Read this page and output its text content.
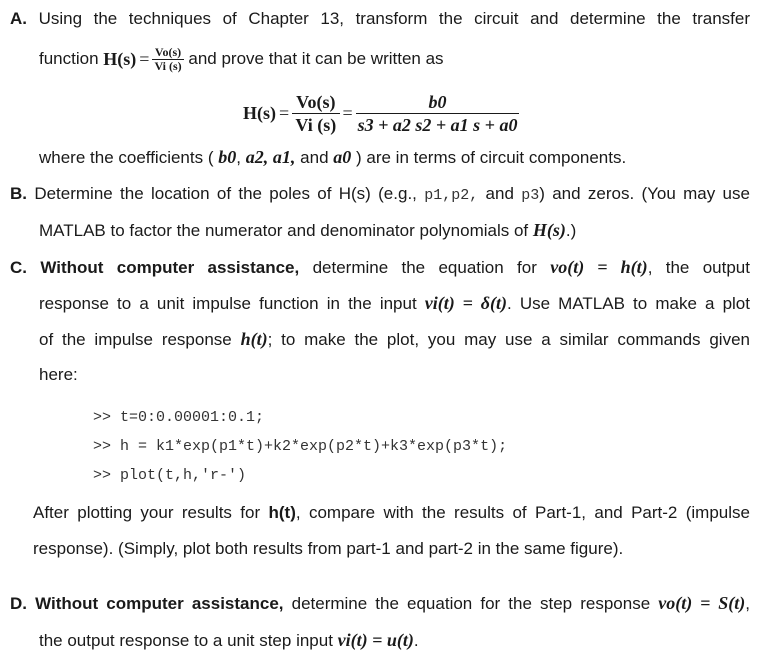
A. Using the techniques of Chapter 13, transform the circuit and determine the transfer
function
$H(s) = \frac{Vo(s)}{Vi (s)}$
and prove that it can be written as
$H(s) = \frac{Vo(s)}{Vi (s)} = \frac{b0}{s3 + a2 s2 + a1 s + a0}$
where the coefficients ( b0, a2, a1, and a0 ) are in terms of circuit components.
B. Determine the location of the poles of H(s) (e.g., p1,p2, and p3) and zeros. (You may use
MATLAB to factor the numerator and denominator polynomials of H(s).)
C. Without computer assistance, determine the equation for vo(t) = h(t), the output
response to a unit impulse function in the input vi(t) = δ(t). Use MATLAB to make a plot
of the impulse response h(t); to make the plot, you may use a similar commands given
here:
>> t=0:0.00001:0.1;
>> h = k1*exp(p1*t)+k2*exp(p2*t)+k3*exp(p3*t);
>> plot(t,h,'r-')
After plotting your results for h(t), compare with the results of Part-1, and Part-2 (impulse
response). (Simply, plot both results from part-1 and part-2 in the same figure).
D. Without computer assistance, determine the equation for the step response vo(t) = S(t),
the output response to a unit step input vi(t) = u(t).
